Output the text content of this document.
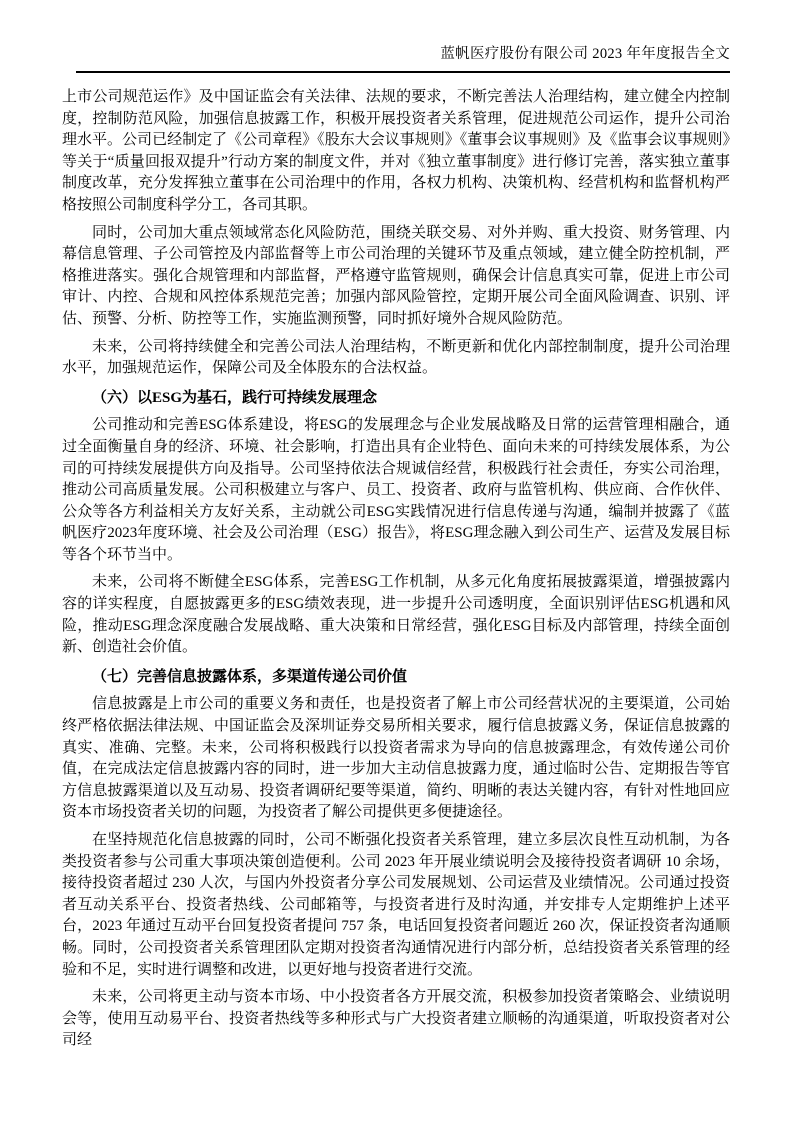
蓝帆医疗股份有限公司 2023 年年度报告全文

上市公司规范运作》及中国证监会有关法律、法规的要求，不断完善法人治理结构，建立健全内控制度，控制防范风险，加强信息披露工作，积极开展投资者关系管理，促进规范公司运作，提升公司治理水平。公司已经制定了《公司章程》《股东大会议事规则》《董事会议事规则》及《监事会议事规则》等关于“质量回报双提升”行动方案的制度文件，并对《独立董事制度》进行修订完善，落实独立董事制度改革，充分发挥独立董事在公司治理中的作用，各权力机构、决策机构、经营机构和监督机构严格按照公司制度科学分工，各司其职。

同时，公司加大重点领域常态化风险防范，围绕关联交易、对外并购、重大投资、财务管理、内幕信息管理、子公司管控及内部监督等上市公司治理的关键环节及重点领域，建立健全防控机制，严格推进落实。强化合规管理和内部监督，严格遵守监管规则，确保会计信息真实可靠，促进上市公司审计、内控、合规和风控体系规范完善；加强内部风险管控，定期开展公司全面风险调查、识别、评估、预警、分析、防控等工作，实施监测预警，同时抓好境外合规风险防范。

未来，公司将持续健全和完善公司法人治理结构，不断更新和优化内部控制制度，提升公司治理水平，加强规范运作，保障公司及全体股东的合法权益。

（六）以ESG为基石，践行可持续发展理念

公司推动和完善ESG体系建设，将ESG的发展理念与企业发展战略及日常的运营管理相融合，通过全面衡量自身的经济、环境、社会影响，打造出具有企业特色、面向未来的可持续发展体系，为公司的可持续发展提供方向及指导。公司坚持依法合规诚信经营，积极践行社会责任，夯实公司治理，推动公司高质量发展。公司积极建立与客户、员工、投资者、政府与监管机构、供应商、合作伙伴、公众等各方利益相关方友好关系，主动就公司ESG实践情况进行信息传递与沟通，编制并披露了《蓝帆医疗2023年度环境、社会及公司治理（ESG）报告》，将ESG理念融入到公司生产、运营及发展目标等各个环节当中。

未来，公司将不断健全ESG体系，完善ESG工作机制，从多元化角度拓展披露渠道，增强披露内容的详实程度，自愿披露更多的ESG绩效表现，进一步提升公司透明度，全面识别评估ESG机遇和风险，推动ESG理念深度融合发展战略、重大决策和日常经营，强化ESG目标及内部管理，持续全面创新、创造社会价值。

（七）完善信息披露体系，多渠道传递公司价值

信息披露是上市公司的重要义务和责任，也是投资者了解上市公司经营状况的主要渠道，公司始终严格依据法律法规、中国证监会及深圳证券交易所相关要求，履行信息披露义务，保证信息披露的真实、准确、完整。未来，公司将积极践行以投资者需求为导向的信息披露理念，有效传递公司价值，在完成法定信息披露内容的同时，进一步加大主动信息披露力度，通过临时公告、定期报告等官方信息披露渠道以及互动易、投资者调研纪要等渠道，简约、明晰的表达关键内容，有针对性地回应资本市场投资者关切的问题，为投资者了解公司提供更多便捷途径。

在坚持规范化信息披露的同时，公司不断强化投资者关系管理，建立多层次良性互动机制，为各类投资者参与公司重大事项决策创造便利。公司 2023 年开展业绩说明会及接待投资者调研 10 余场，接待投资者超过 230 人次，与国内外投资者分享公司发展规划、公司运营及业绩情况。公司通过投资者互动关系平台、投资者热线、公司邮箱等，与投资者进行及时沟通，并安排专人定期维护上述平台，2023 年通过互动平台回复投资者提问 757 条，电话回复投资者问题近 260 次，保证投资者沟通顺畅。同时，公司投资者关系管理团队定期对投资者沟通情况进行内部分析，总结投资者关系管理的经验和不足，实时进行调整和改进，以更好地与投资者进行交流。

未来，公司将更主动与资本市场、中小投资者各方开展交流，积极参加投资者策略会、业绩说明会等，使用互动易平台、投资者热线等多种形式与广大投资者建立顺畅的沟通渠道，听取投资者对公司经
